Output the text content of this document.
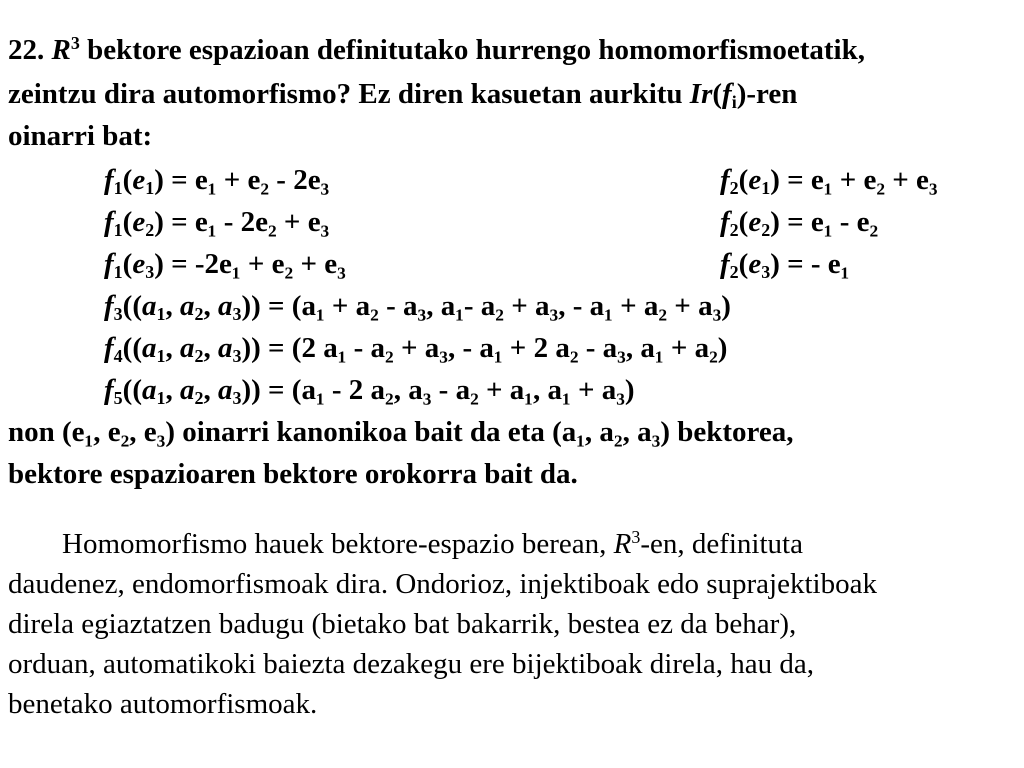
22. $R^3$ bektore espazioan definitutako hurrengo homomorfismoetatik,
zeintzu dira automorfismo? Ez diren kasuetan aurkitu $Ir(f_i)$-ren
oinarri bat:
$f_1(e_1) = e_1 + e_2 - 2e_3$	$f_2(e_1) = e_1 + e_2 + e_3$
$f_1(e_2) = e_1 - 2e_2 + e_3$	$f_2(e_2) = e_1 - e_2$
$f_1(e_3) = -2e_1 + e_2 + e_3$	$f_2(e_3)$ = - e₁
$f_3((a_1$, $a_2$, $a_3)) = (a_1 + a_2 - a_3$, a₁- a₂ + a₃, - a₁ + a₂ + a₃)
$f_4((a_1$, $a_2$, $a_3)) = (2$ a₁ - a₂ + a₃, - a₁ + 2 a₂ - a₃, a₁ + a₂)
$f_5((a_1$, $a_2$, $a_3)) = (a_1 - 2$ a₂, a₃ - a₂ + a₁, a₁ + a₃)
non (e₁, e₂, e₃) oinarri kanonikoa bait da eta (a₁, a₂, a₃) bektorea,
bektore espazioaren bektore orokorra bait da.
Homomorfismo hauek bektore-espazio berean, $R^3-en$, definituta
daudenez, endomorfismoak dira. Ondorioz, injektiboak edo suprajektiboak
direla egiaztatzen badugu (bietako bat bakarrik, bestea ez da behar),
orduan, automatikoki baiezta dezakegu ere bijektiboak direla, hau da,
benetako automorfismoak.
